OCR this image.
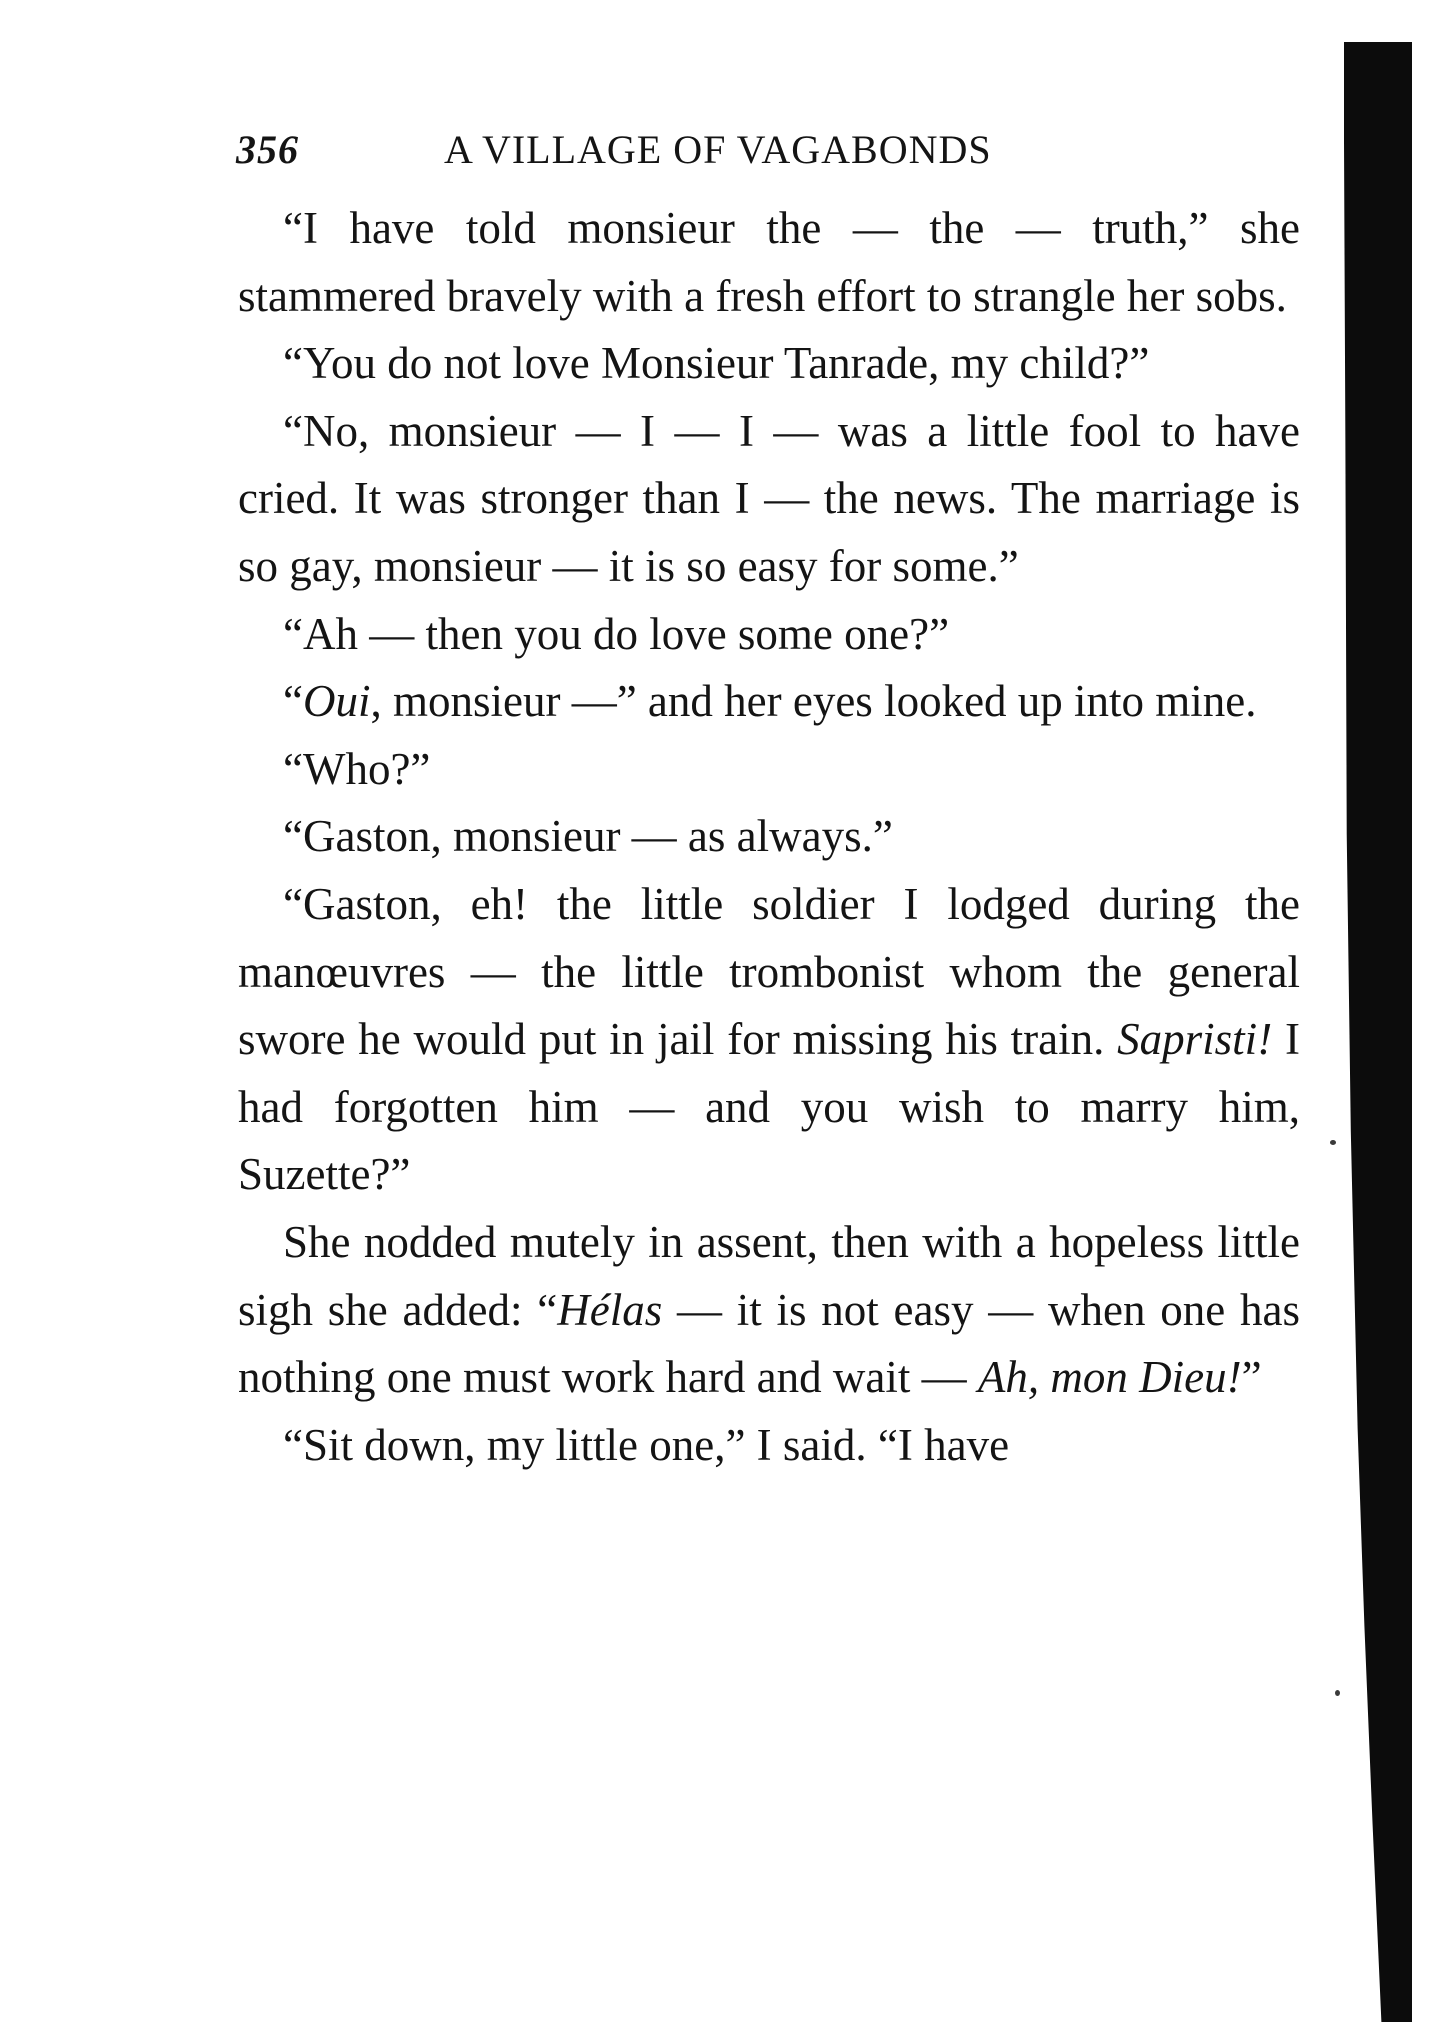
356	A VILLAGE OF VAGABONDS

“I have told monsieur the — the — truth,” she stammered bravely with a fresh effort to strangle her sobs.

“You do not love Monsieur Tanrade, my child?”

“No, monsieur — I — I — was a little fool to have cried. It was stronger than I — the news. The marriage is so gay, monsieur — it is so easy for some.”

“Ah — then you do love some one?”

“Oui, monsieur —” and her eyes looked up into mine.

“Who?”

“Gaston, monsieur — as always.”

“Gaston, eh! the little soldier I lodged during the manœuvres — the little trombonist whom the general swore he would put in jail for missing his train. Sapristi! I had forgotten him — and you wish to marry him, Suzette?”

She nodded mutely in assent, then with a hopeless little sigh she added: “Hélas — it is not easy — when one has nothing one must work hard and wait — Ah, mon Dieu!”

“Sit down, my little one,” I said. “I have
